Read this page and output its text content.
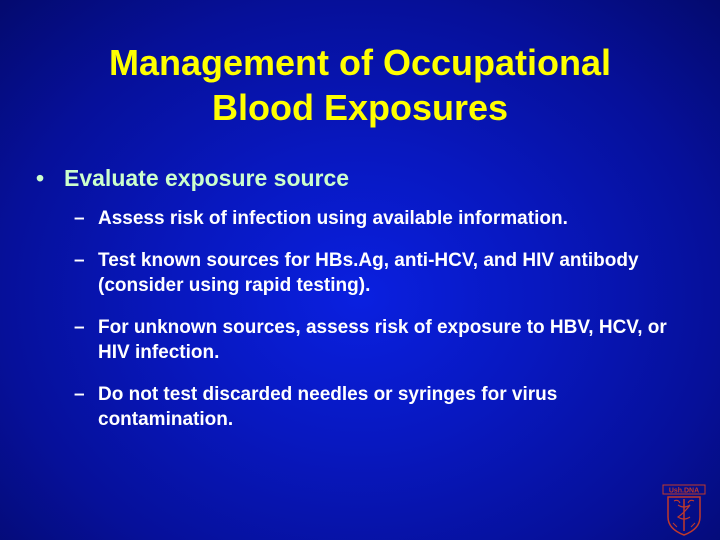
Management of Occupational
Blood Exposures
• Evaluate exposure source
– Assess risk of infection using available information.
– Test known sources for HBs.Ag, anti-HCV, and HIV antibody (consider using rapid testing).
– For unknown sources, assess risk of exposure to HBV, HCV, or HIV infection.
– Do not test discarded needles or syringes for virus contamination.
Ush.DNA
